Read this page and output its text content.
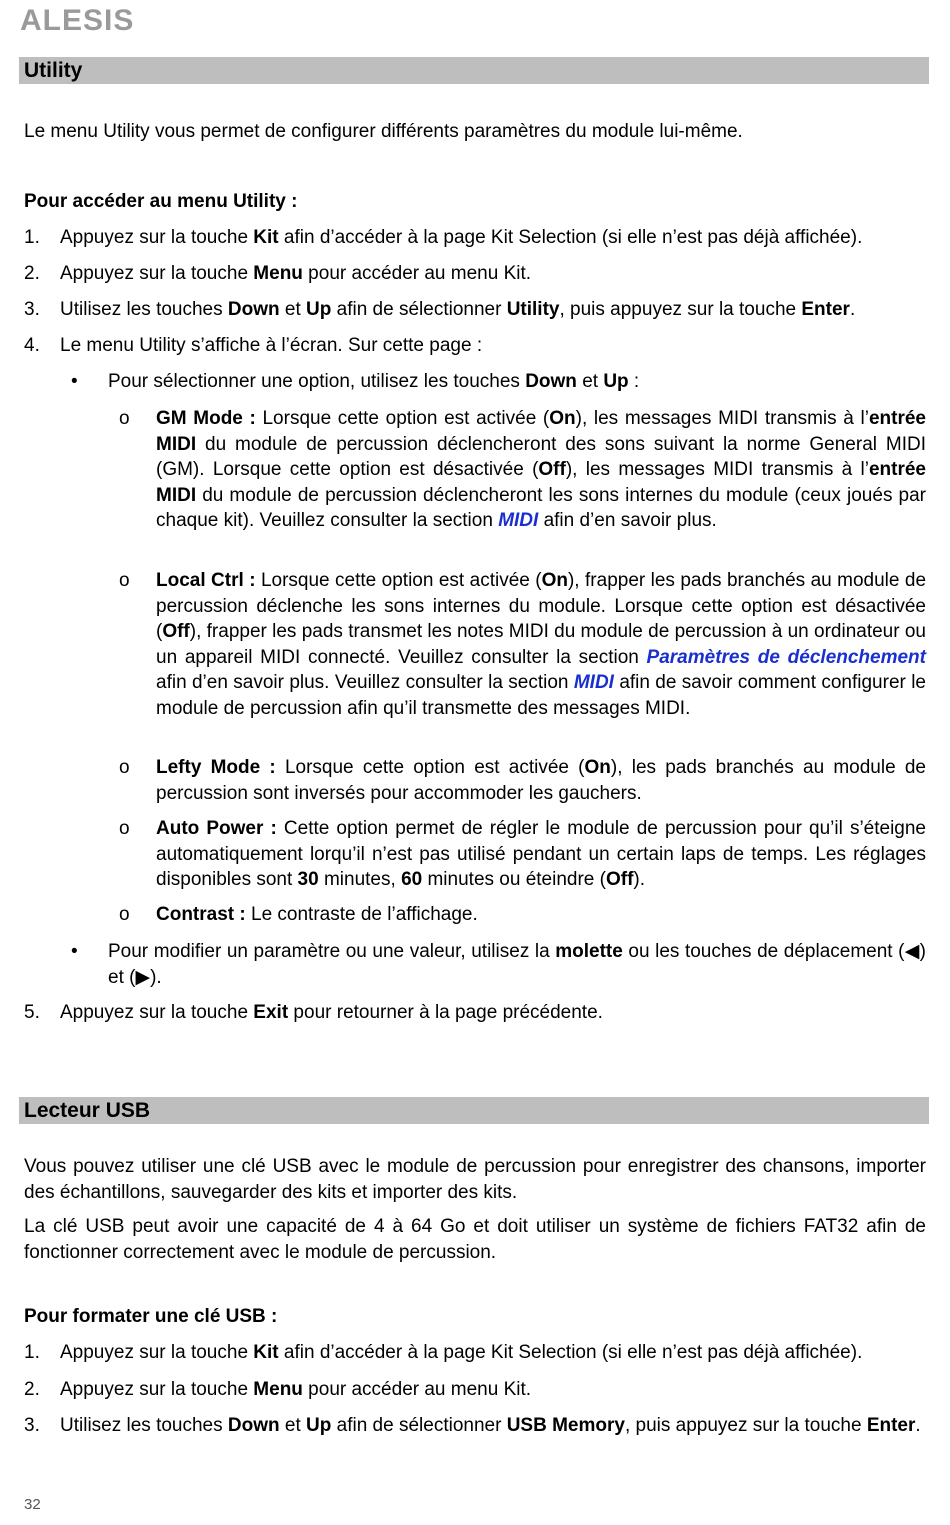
ALESIS
Utility
Le menu Utility vous permet de configurer différents paramètres du module lui-même.
Pour accéder au menu Utility :
1. Appuyez sur la touche Kit afin d’accéder à la page Kit Selection (si elle n’est pas déjà affichée).
2. Appuyez sur la touche Menu pour accéder au menu Kit.
3. Utilisez les touches Down et Up afin de sélectionner Utility, puis appuyez sur la touche Enter.
4. Le menu Utility s’affiche à l’écran. Sur cette page :
• Pour sélectionner une option, utilisez les touches Down et Up :
o GM Mode : Lorsque cette option est activée (On), les messages MIDI transmis à l’entrée MIDI du module de percussion déclencheront des sons suivant la norme General MIDI (GM). Lorsque cette option est désactivée (Off), les messages MIDI transmis à l’entrée MIDI du module de percussion déclencheront les sons internes du module (ceux joués par chaque kit). Veuillez consulter la section MIDI afin d’en savoir plus.
o Local Ctrl : Lorsque cette option est activée (On), frapper les pads branchés au module de percussion déclenche les sons internes du module. Lorsque cette option est désactivée (Off), frapper les pads transmet les notes MIDI du module de percussion à un ordinateur ou un appareil MIDI connecté. Veuillez consulter la section Paramètres de déclenchement afin d’en savoir plus. Veuillez consulter la section MIDI afin de savoir comment configurer le module de percussion afin qu’il transmette des messages MIDI.
o Lefty Mode : Lorsque cette option est activée (On), les pads branchés au module de percussion sont inversés pour accommoder les gauchers.
o Auto Power : Cette option permet de régler le module de percussion pour qu’il s’éteigne automatiquement lorqu’il n’est pas utilisé pendant un certain laps de temps. Les réglages disponibles sont 30 minutes, 60 minutes ou éteindre (Off).
o Contrast : Le contraste de l’affichage.
• Pour modifier un paramètre ou une valeur, utilisez la molette ou les touches de déplacement (◀) et (▶).
5. Appuyez sur la touche Exit pour retourner à la page précédente.
Lecteur USB
Vous pouvez utiliser une clé USB avec le module de percussion pour enregistrer des chansons, importer des échantillons, sauvegarder des kits et importer des kits.
La clé USB peut avoir une capacité de 4 à 64 Go et doit utiliser un système de fichiers FAT32 afin de fonctionner correctement avec le module de percussion.
Pour formater une clé USB :
1. Appuyez sur la touche Kit afin d’accéder à la page Kit Selection (si elle n’est pas déjà affichée).
2. Appuyez sur la touche Menu pour accéder au menu Kit.
3. Utilisez les touches Down et Up afin de sélectionner USB Memory, puis appuyez sur la touche Enter.
32
